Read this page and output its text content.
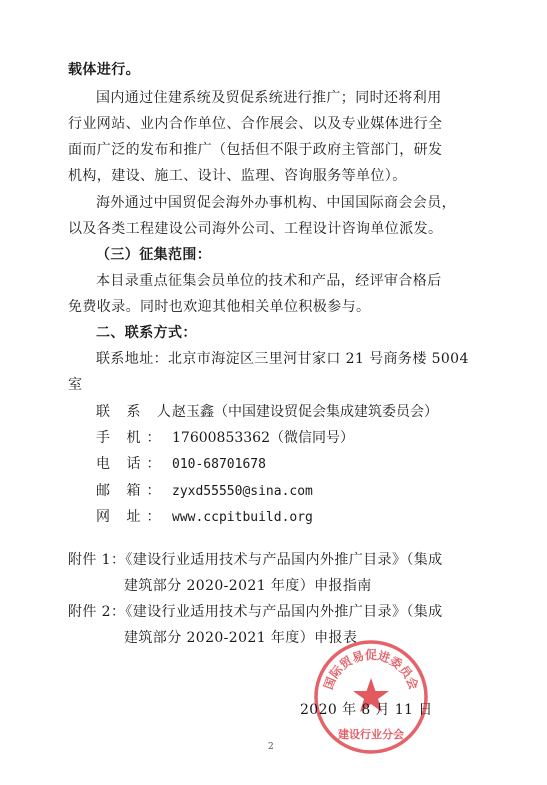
载体进行。
国内通过住建系统及贸促系统进行推广；同时还将利用
行业网站、业内合作单位、合作展会、以及专业媒体进行全
面而广泛的发布和推广（包括但不限于政府主管部门，研发
机构，建设、施工、设计、监理、咨询服务等单位）。
海外通过中国贸促会海外办事机构、中国国际商会会员，
以及各类工程建设公司海外公司、工程设计咨询单位派发。
（三）征集范围：
本目录重点征集会员单位的技术和产品，经评审合格后
免费收录。同时也欢迎其他相关单位积极参与。
二、联系方式：
联系地址：北京市海淀区三里河甘家口 21 号商务楼 5004
室
联 系 人：赵玉鑫（中国建设贸促会集成建筑委员会）
手 机： 17600853362（微信同号）
电 话： 010-68701678
邮 箱： zyxd55550@sina.com
网 址： www.ccpitbuild.org
附件 1：《建设行业适用技术与产品国内外推广目录》（集成
建筑部分 2020-2021 年度）申报指南
附件 2：《建设行业适用技术与产品国内外推广目录》（集成
建筑部分 2020-2021 年度）申报表
国际贸易促进委员会
建设行业分会
2020 年 8 月 11 日
2
